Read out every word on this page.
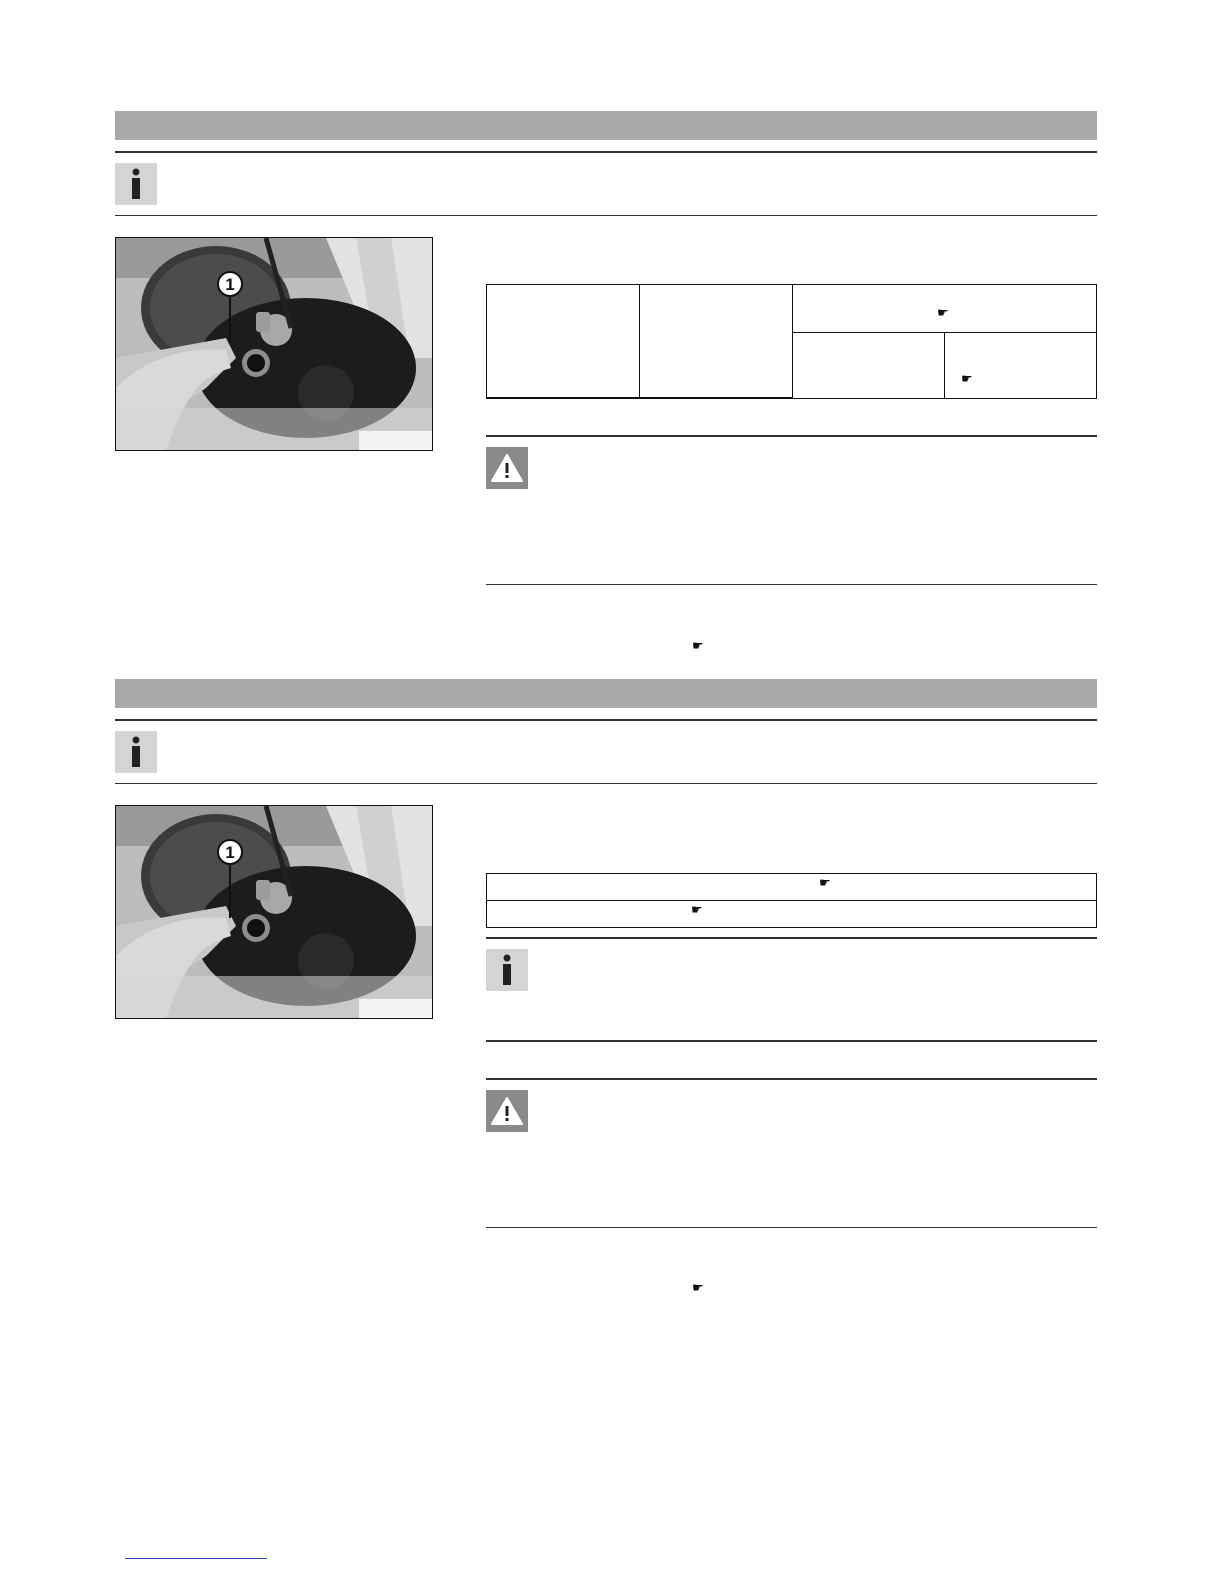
1
☛
☛
☛
1
☛
☛
☛
